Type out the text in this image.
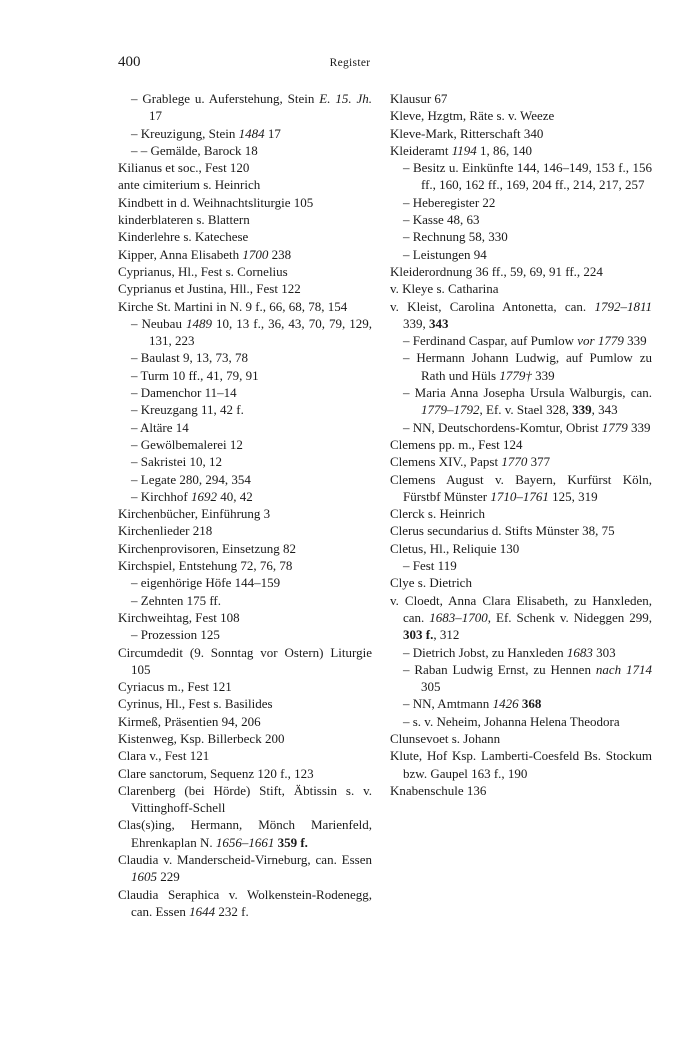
400	Register
– Grablege u. Auferstehung, Stein E. 15. Jh. 17
– Kreuzigung, Stein 1484 17
– – Gemälde, Barock 18
Kilianus et soc., Fest 120
ante cimiterium s. Heinrich
Kindbett in d. Weihnachtsliturgie 105
kinderblateren s. Blattern
Kinderlehre s. Katechese
Kipper, Anna Elisabeth 1700 238
Cyprianus, Hl., Fest s. Cornelius
Cyprianus et Justina, Hll., Fest 122
Kirche St. Martini in N. 9 f., 66, 68, 78, 154
– Neubau 1489 10, 13 f., 36, 43, 70, 79, 129, 131, 223
– Baulast 9, 13, 73, 78
– Turm 10 ff., 41, 79, 91
– Damenchor 11–14
– Kreuzgang 11, 42 f.
– Altäre 14
– Gewölbemalerei 12
– Sakristei 10, 12
– Legate 280, 294, 354
– Kirchhof 1692 40, 42
Kirchenbücher, Einführung 3
Kirchenlieder 218
Kirchenprovisoren, Einsetzung 82
Kirchspiel, Entstehung 72, 76, 78
– eigenhörige Höfe 144–159
– Zehnten 175 ff.
Kirchweihtag, Fest 108
– Prozession 125
Circumdedit (9. Sonntag vor Ostern) Liturgie 105
Cyriacus m., Fest 121
Cyrinus, Hl., Fest s. Basilides
Kirmeß, Präsentien 94, 206
Kistenweg, Ksp. Billerbeck 200
Clara v., Fest 121
Clare sanctorum, Sequenz 120 f., 123
Clarenberg (bei Hörde) Stift, Äbtissin s. v. Vittinghoff-Schell
Clas(s)ing, Hermann, Mönch Marienfeld, Ehrenkaplan N. 1656–1661 359 f.
Claudia v. Manderscheid-Virneburg, can. Essen 1605 229
Claudia Seraphica v. Wolkenstein-Rodenegg, can. Essen 1644 232 f.
Klausur 67
Kleve, Hzgtm, Räte s. v. Weeze
Kleve-Mark, Ritterschaft 340
Kleideramt 1194 1, 86, 140
– Besitz u. Einkünfte 144, 146–149, 153 f., 156 ff., 160, 162 ff., 169, 204 ff., 214, 217, 257
– Heberegister 22
– Kasse 48, 63
– Rechnung 58, 330
– Leistungen 94
Kleiderordnung 36 ff., 59, 69, 91 ff., 224
v. Kleye s. Catharina
v. Kleist, Carolina Antonetta, can. 1792–1811 339, 343
– Ferdinand Caspar, auf Pumlow vor 1779 339
– Hermann Johann Ludwig, auf Pumlow zu Rath und Hüls 1779† 339
– Maria Anna Josepha Ursula Walburgis, can. 1779–1792, Ef. v. Stael 328, 339, 343
– NN, Deutschordens-Komtur, Obrist 1779 339
Clemens pp. m., Fest 124
Clemens XIV., Papst 1770 377
Clemens August v. Bayern, Kurfürst Köln, Fürstbf Münster 1710–1761 125, 319
Clerck s. Heinrich
Clerus secundarius d. Stifts Münster 38, 75
Cletus, Hl., Reliquie 130
– Fest 119
Clye s. Dietrich
v. Cloedt, Anna Clara Elisabeth, zu Hanxleden, can. 1683–1700, Ef. Schenk v. Nideggen 299, 303 f., 312
– Dietrich Jobst, zu Hanxleden 1683 303
– Raban Ludwig Ernst, zu Hennen nach 1714 305
– NN, Amtmann 1426 368
– s. v. Neheim, Johanna Helena Theodora
Clunsevoet s. Johann
Klute, Hof Ksp. Lamberti-Coesfeld Bs. Stockum bzw. Gaupel 163 f., 190
Knabenschule 136
